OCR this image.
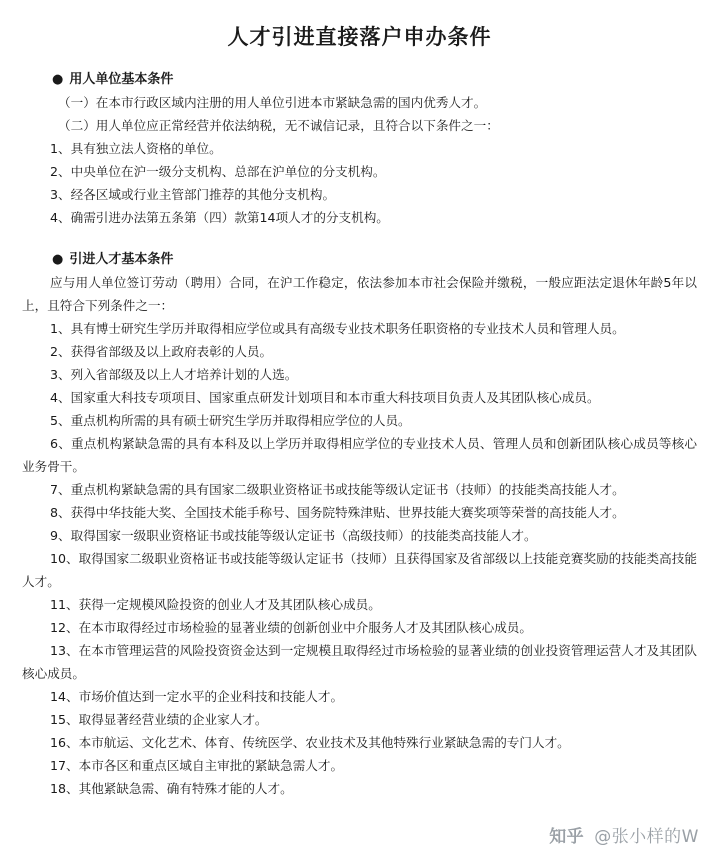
人才引进直接落户申办条件

● 用人单位基本条件

（一）在本市行政区域内注册的用人单位引进本市紧缺急需的国内优秀人才。

（二）用人单位应正常经营并依法纳税，无不诚信记录，且符合以下条件之一：

1、具有独立法人资格的单位。
2、中央单位在沪一级分支机构、总部在沪单位的分支机构。
3、经各区域或行业主管部门推荐的其他分支机构。
4、确需引进办法第五条第（四）款第14项人才的分支机构。

● 引进人才基本条件

应与用人单位签订劳动（聘用）合同，在沪工作稳定，依法参加本市社会保险并缴税，一般应距法定退休年龄5年以上，且符合下列条件之一：

1、具有博士研究生学历并取得相应学位或具有高级专业技术职务任职资格的专业技术人员和管理人员。
2、获得省部级及以上政府表彰的人员。
3、列入省部级及以上人才培养计划的人选。
4、国家重大科技专项项目、国家重点研发计划项目和本市重大科技项目负责人及其团队核心成员。
5、重点机构所需的具有硕士研究生学历并取得相应学位的人员。
6、重点机构紧缺急需的具有本科及以上学历并取得相应学位的专业技术人员、管理人员和创新团队核心成员等核心业务骨干。
7、重点机构紧缺急需的具有国家二级职业资格证书或技能等级认定证书（技师）的技能类高技能人才。
8、获得中华技能大奖、全国技术能手称号、国务院特殊津贴、世界技能大赛奖项等荣誉的高技能人才。
9、取得国家一级职业资格证书或技能等级认定证书（高级技师）的技能类高技能人才。
10、取得国家二级职业资格证书或技能等级认定证书（技师）且获得国家及省部级以上技能竞赛奖励的技能类高技能人才。
11、获得一定规模风险投资的创业人才及其团队核心成员。
12、在本市取得经过市场检验的显著业绩的创新创业中介服务人才及其团队核心成员。
13、在本市管理运营的风险投资资金达到一定规模且取得经过市场检验的显著业绩的创业投资管理运营人才及其团队核心成员。
14、市场价值达到一定水平的企业科技和技能人才。
15、取得显著经营业绩的企业家人才。
16、本市航运、文化艺术、体育、传统医学、农业技术及其他特殊行业紧缺急需的专门人才。
17、本市各区和重点区域自主审批的紧缺急需人才。
18、其他紧缺急需、确有特殊才能的人才。
知乎 @张小样的W
